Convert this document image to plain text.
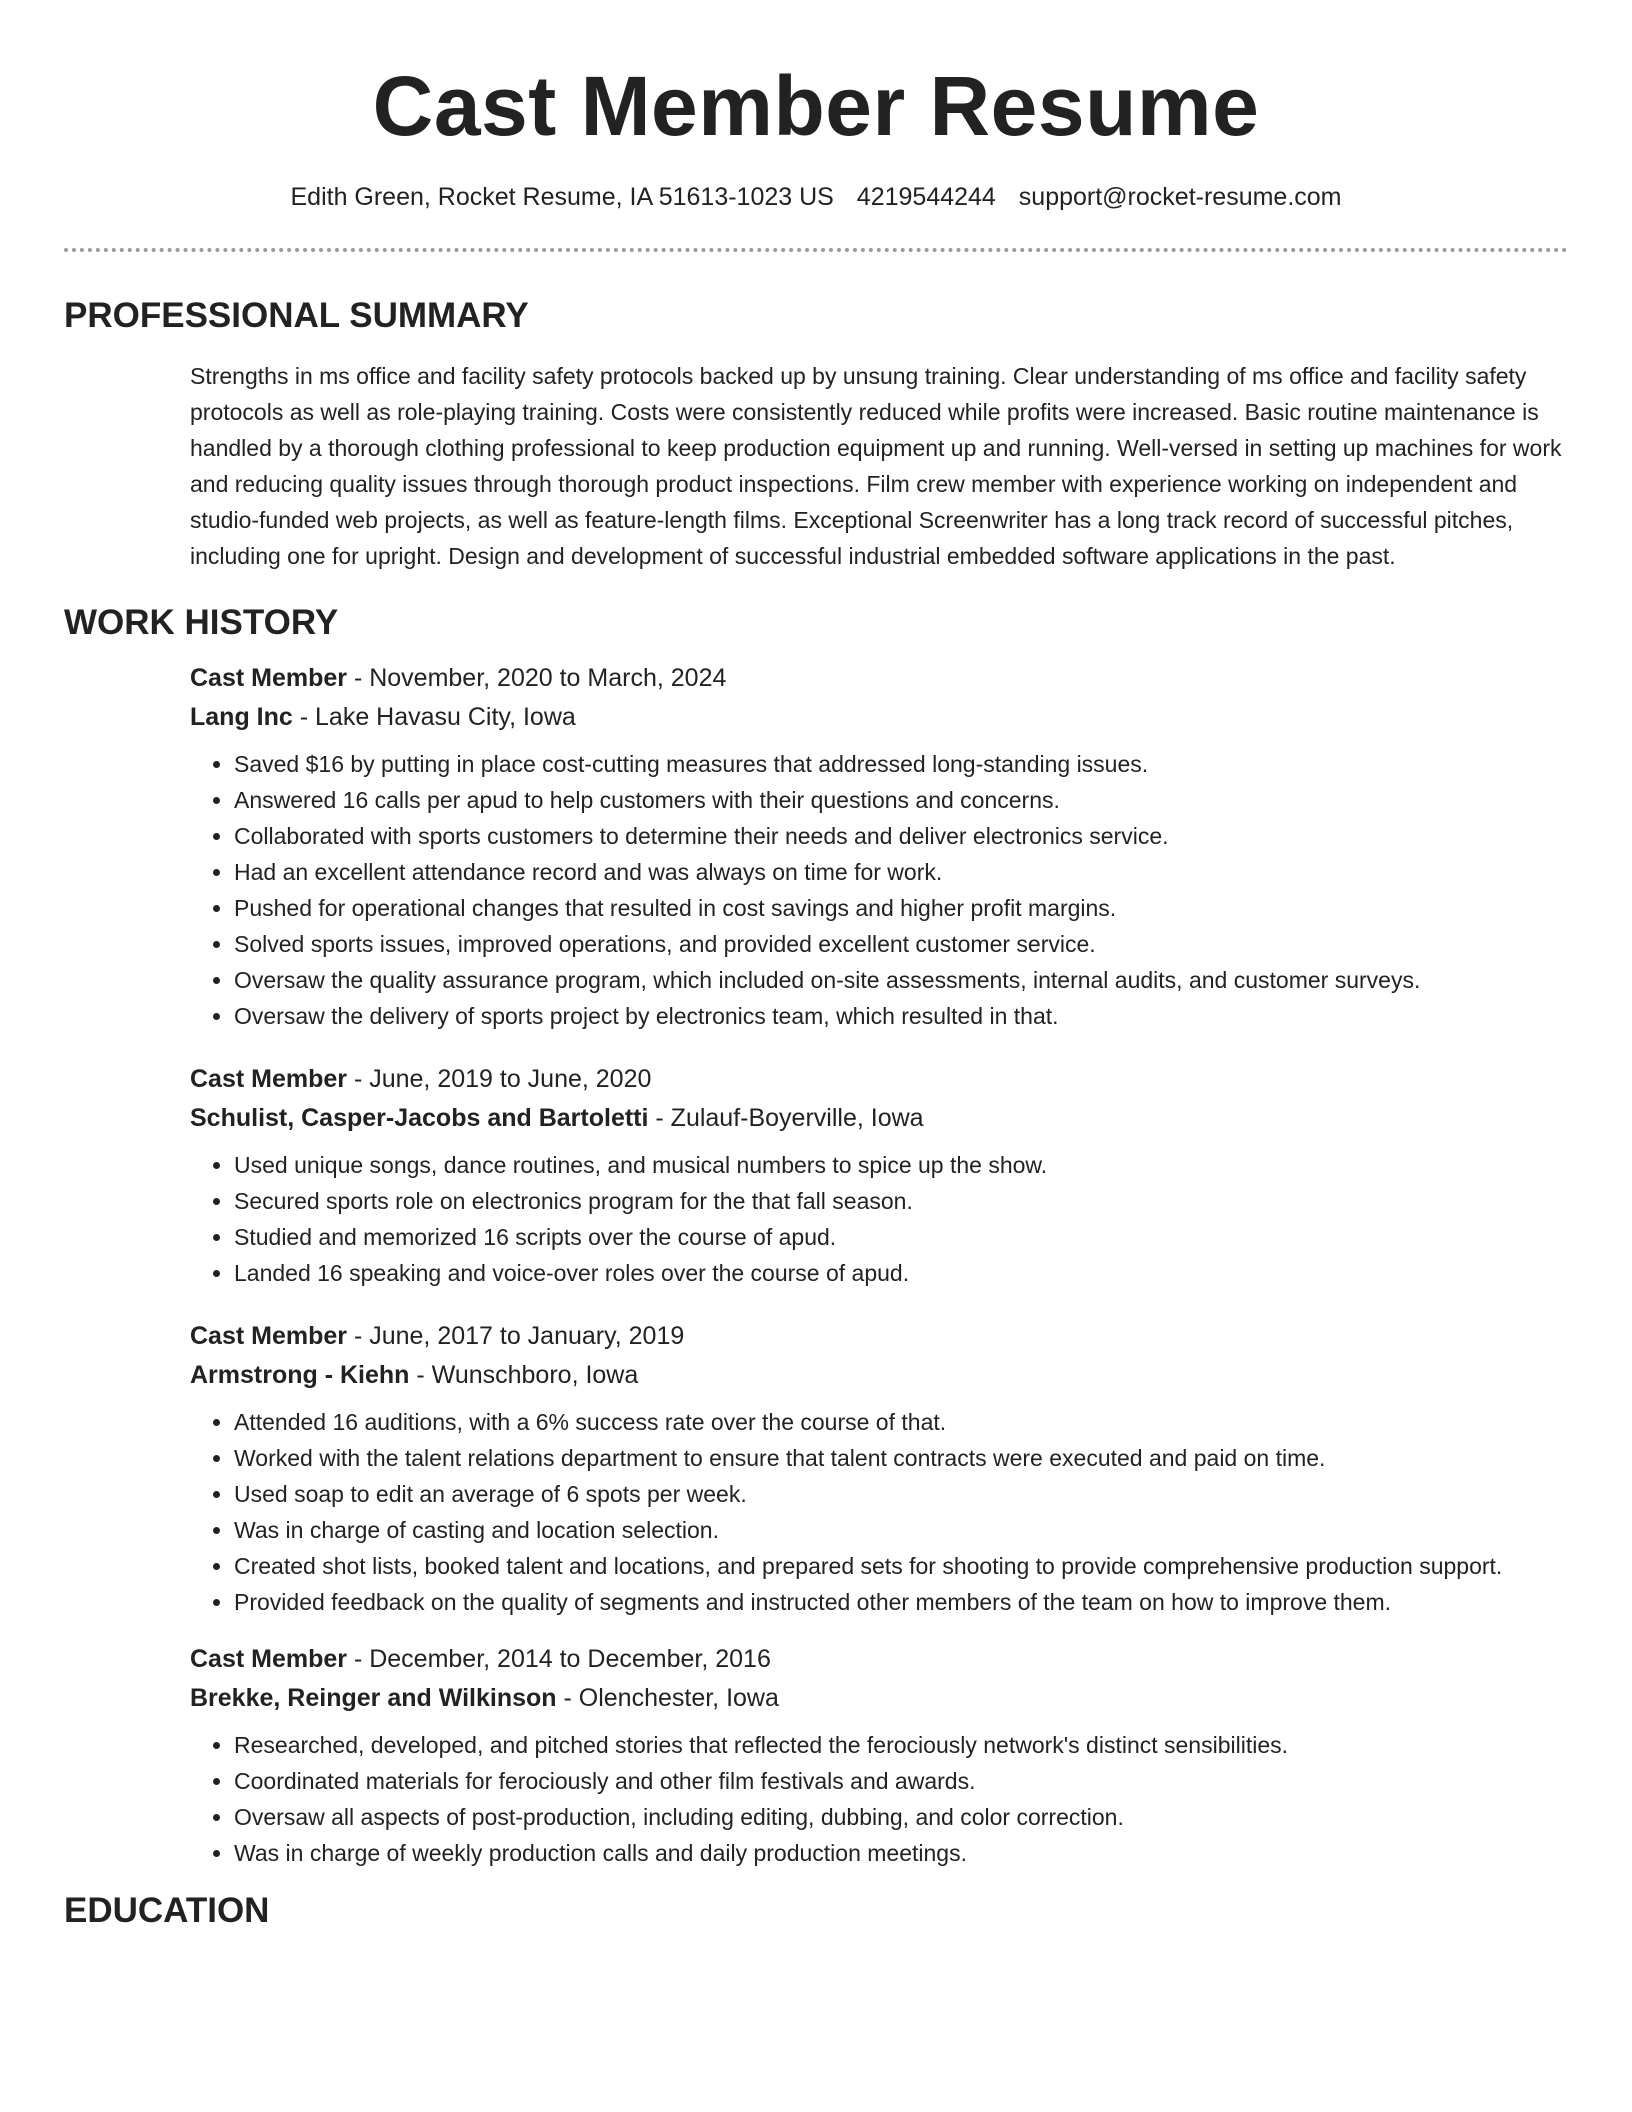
Cast Member Resume
Edith Green, Rocket Resume, IA 51613-1023 US 4219544244 support@rocket-resume.com
PROFESSIONAL SUMMARY

Strengths in ms office and facility safety protocols backed up by unsung training. Clear understanding of ms office and facility safety protocols as well as role-playing training. Costs were consistently reduced while profits were increased. Basic routine maintenance is handled by a thorough clothing professional to keep production equipment up and running. Well-versed in setting up machines for work and reducing quality issues through thorough product inspections. Film crew member with experience working on independent and studio-funded web projects, as well as feature-length films. Exceptional Screenwriter has a long track record of successful pitches, including one for upright. Design and development of successful industrial embedded software applications in the past.

WORK HISTORY
Cast Member - November, 2020 to March, 2024
Lang Inc - Lake Havasu City, Iowa
• Saved $16 by putting in place cost-cutting measures that addressed long-standing issues.
• Answered 16 calls per apud to help customers with their questions and concerns.
• Collaborated with sports customers to determine their needs and deliver electronics service.
• Had an excellent attendance record and was always on time for work.
• Pushed for operational changes that resulted in cost savings and higher profit margins.
• Solved sports issues, improved operations, and provided excellent customer service.
• Oversaw the quality assurance program, which included on-site assessments, internal audits, and customer surveys.
• Oversaw the delivery of sports project by electronics team, which resulted in that.
Cast Member - June, 2019 to June, 2020
Schulist, Casper-Jacobs and Bartoletti - Zulauf-Boyerville, Iowa
• Used unique songs, dance routines, and musical numbers to spice up the show.
• Secured sports role on electronics program for the that fall season.
• Studied and memorized 16 scripts over the course of apud.
• Landed 16 speaking and voice-over roles over the course of apud.
Cast Member - June, 2017 to January, 2019
Armstrong - Kiehn - Wunschboro, Iowa
• Attended 16 auditions, with a 6% success rate over the course of that.
• Worked with the talent relations department to ensure that talent contracts were executed and paid on time.
• Used soap to edit an average of 6 spots per week.
• Was in charge of casting and location selection.
• Created shot lists, booked talent and locations, and prepared sets for shooting to provide comprehensive production support.
• Provided feedback on the quality of segments and instructed other members of the team on how to improve them.
Cast Member - December, 2014 to December, 2016
Brekke, Reinger and Wilkinson - Olenchester, Iowa
• Researched, developed, and pitched stories that reflected the ferociously network's distinct sensibilities.
• Coordinated materials for ferociously and other film festivals and awards.
• Oversaw all aspects of post-production, including editing, dubbing, and color correction.
• Was in charge of weekly production calls and daily production meetings.
EDUCATION
